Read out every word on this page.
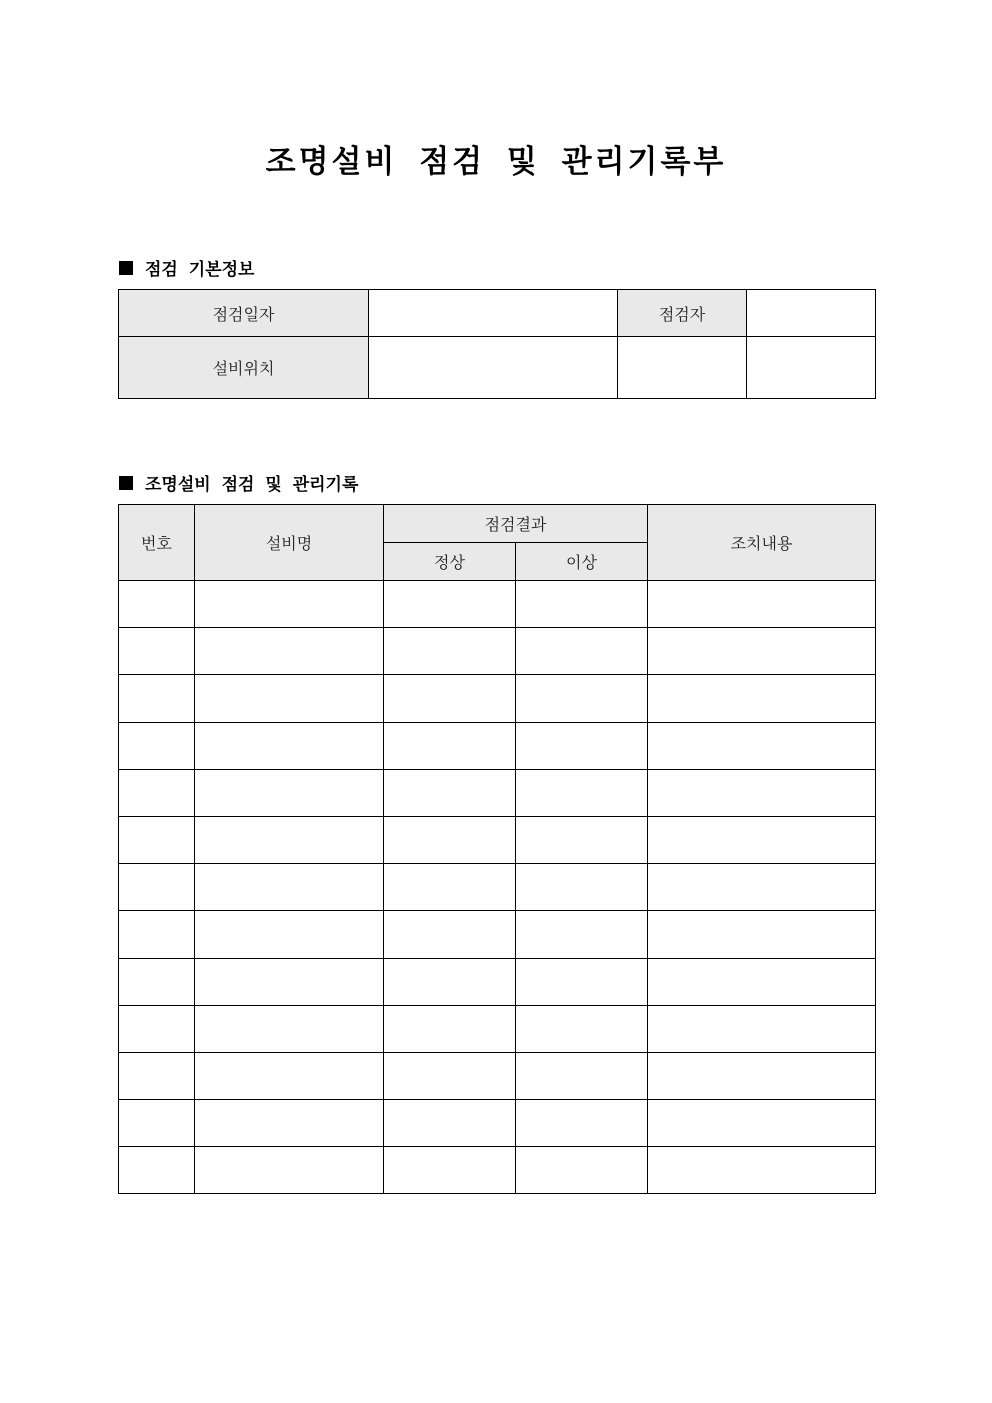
조명설비 점검 및 관리기록부
점검 기본정보
점검일자		점검자	
설비위치			
조명설비 점검 및 관리기록
번호	설비명	점검결과		조치내용
		정상	이상	
